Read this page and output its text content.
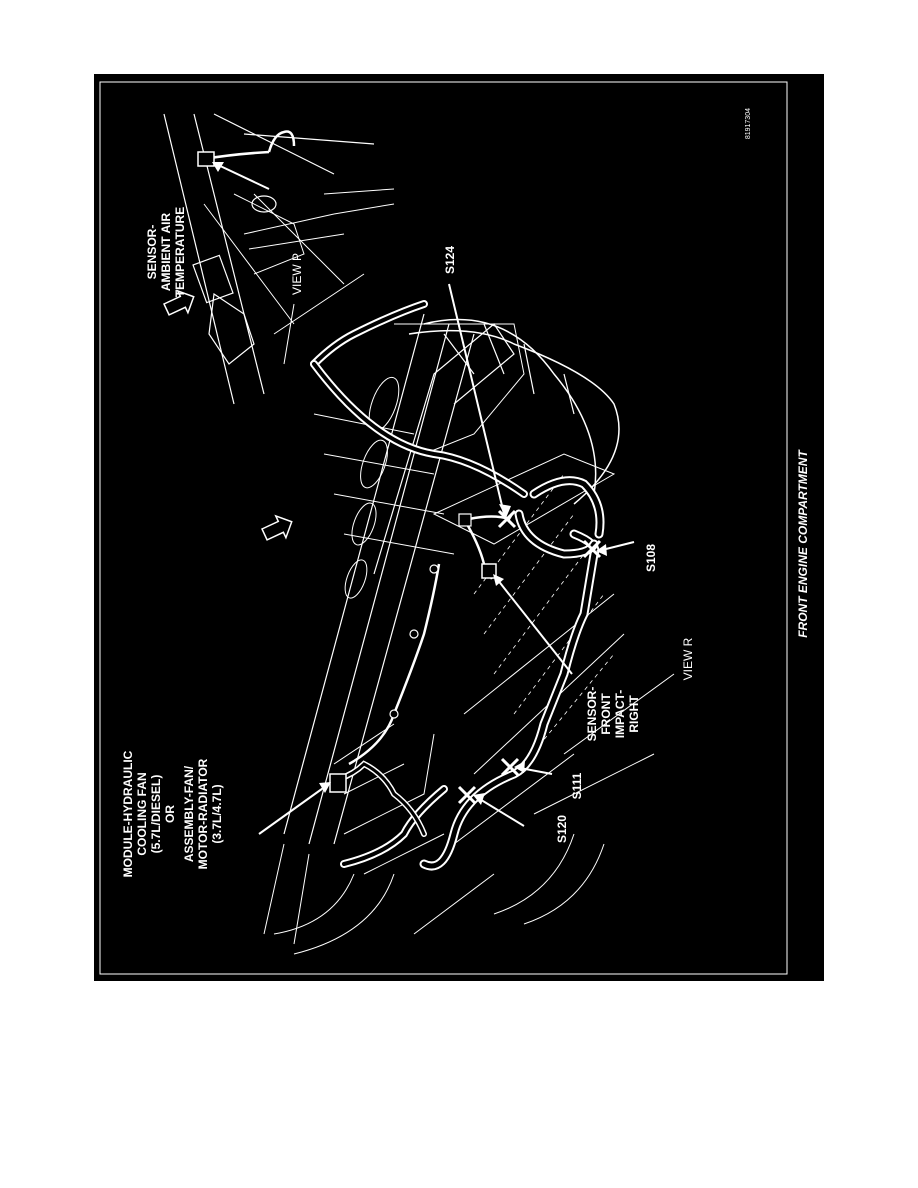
81917304
SENSOR- AMBIENT AIR TEMPERATURE	VIEW P	S124
S108
S111
S120
SENSOR- FRONT IMPACT- RIGHT
VIEW R
MODULE-HYDRAULIC COOLING FAN (5.7L/DIESEL) OR ASSEMBLY-FAN/ MOTOR-RADIATOR (3.7L/4.7L)
FRONT ENGINE COMPARTMENT
